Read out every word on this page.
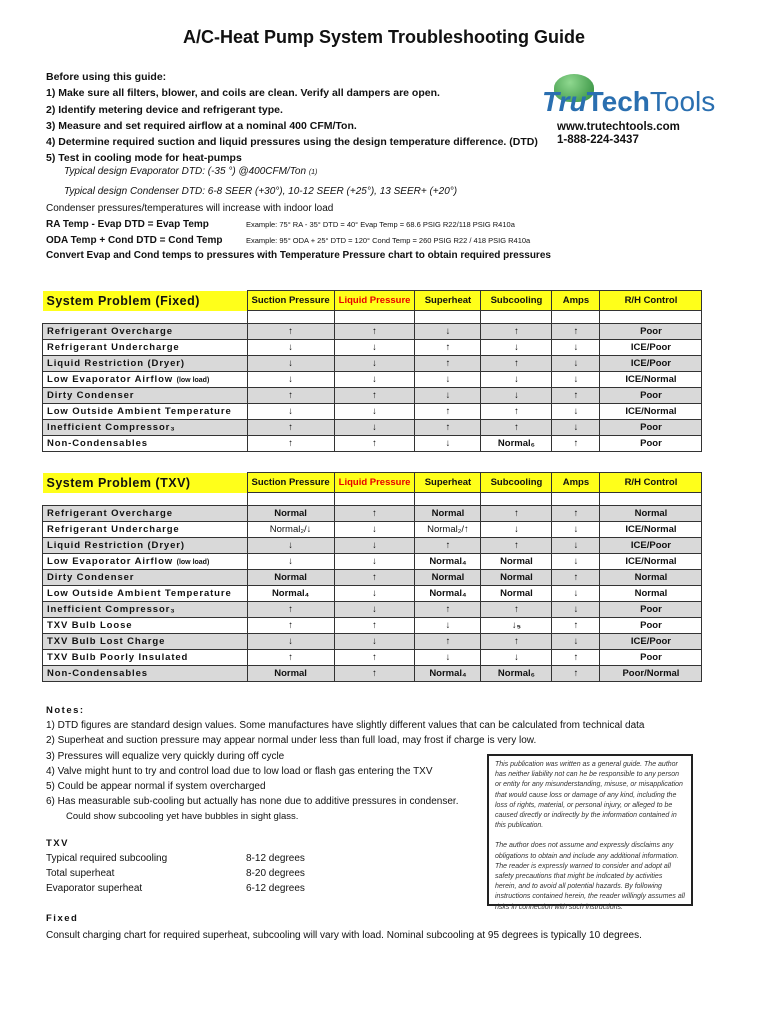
A/C-Heat Pump System Troubleshooting Guide
Before using this guide:
1) Make sure all filters, blower, and coils are clean. Verify all dampers are open.
2) Identify metering device and refrigerant type.
3) Measure and set required airflow at a nominal 400 CFM/Ton.
4) Determine required suction and liquid pressures using the design temperature difference. (DTD)
5) Test in cooling mode for heat-pumps
TruTechTools
www.trutechtools.com
1-888-224-3437
Typical design Evaporator DTD: (-35 °) @400CFM/Ton (1)
Typical design Condenser DTD: 6-8 SEER (+30°), 10-12 SEER (+25°), 13 SEER+ (+20°)
Condenser pressures/temperatures will increase with indoor load
RA Temp - Evap DTD = Evap Temp	Example: 75° RA - 35° DTD = 40° Evap Temp = 68.6 PSIG R22/118 PSIG R410a
ODA Temp + Cond DTD = Cond Temp	Example: 95° ODA + 25° DTD = 120° Cond Temp = 260 PSIG R22 / 418 PSIG R410a
Convert Evap and Cond temps to pressures with Temperature Pressure chart to obtain required pressures
System Problem (Fixed)	Suction Pressure	Liquid Pressure	Superheat	Subcooling	Amps	R/H Control

Refrigerant Overcharge	↑	↑	↓	↑	↑	Poor
Refrigerant Undercharge	↓	↓	↑	↓	↓	ICE/Poor
Liquid Restriction (Dryer)	↓	↓	↑	↑	↓	ICE/Poor
Low Evaporator Airflow (low load)	↓	↓	↓	↓	↓	ICE/Normal
Dirty Condenser	↑	↑	↓	↓	↑	Poor
Low Outside Ambient Temperature	↓	↓	↑	↑	↓	ICE/Normal
Inefficient Compressor₃	↑	↓	↑	↑	↓	Poor
Non-Condensables	↑	↑	↓	Normal₆	↑	Poor
System Problem (TXV)	Suction Pressure	Liquid Pressure	Superheat	Subcooling	Amps	R/H Control

Refrigerant Overcharge	Normal	↑	Normal	↑	↑	Normal
Refrigerant Undercharge	Normal₂/↓	↓	Normal₂/↑	↓	↓	ICE/Normal
Liquid Restriction (Dryer)	↓	↓	↑	↑	↓	ICE/Poor
Low Evaporator Airflow (low load)	↓	↓	Normal₄	Normal	↓	ICE/Normal
Dirty Condenser	Normal	↑	Normal	Normal	↑	Normal
Low Outside Ambient Temperature	Normal₄	↓	Normal₄	Normal	↓	Normal
Inefficient Compressor₃	↑	↓	↑	↑	↓	Poor
TXV Bulb Loose	↑	↑	↓	↓₅	↑	Poor
TXV Bulb Lost Charge	↓	↓	↑	↑	↓	ICE/Poor
TXV Bulb Poorly Insulated	↑	↑	↓	↓	↑	Poor
Non-Condensables	Normal	↑	Normal₄	Normal₆	↑	Poor/Normal
Notes:
1) DTD figures are standard design values. Some manufactures have slightly different values that can be calculated from technical data
2) Superheat and suction pressure may appear normal under less than full load, may frost if charge is very low.
3) Pressures will equalize very quickly during off cycle
4) Valve might hunt to try and control load due to low load or flash gas entering the TXV
5) Could be appear normal if system overcharged
6) Has measurable sub-cooling but actually has none due to additive pressures in condenser.
Could show subcooling yet have bubbles in sight glass.
This publication was written as a general guide. The author has neither liability not can he be responsible to any person or entity for any misunderstanding, misuse, or misapplication that would cause loss or damage of any kind, including the loss of rights, material, or personal injury, or alleged to be caused directly or indirectly by the information contained in this publication.
The author does not assume and expressly disclaims any obligations to obtain and include any additional information. The reader is expressly warned to consider and adopt all safety precautions that might be indicated by activities herein, and to avoid all potential hazards. By following instructions contained herein, the reader willingly assumes all risks in connection with such instructions.
TXV
Typical required subcooling	8-12 degrees
Total superheat	8-20 degrees
Evaporator superheat	6-12 degrees
Fixed
Consult charging chart for required superheat, subcooling will vary with load. Nominal subcooling at 95 degrees is typically 10 degrees.
